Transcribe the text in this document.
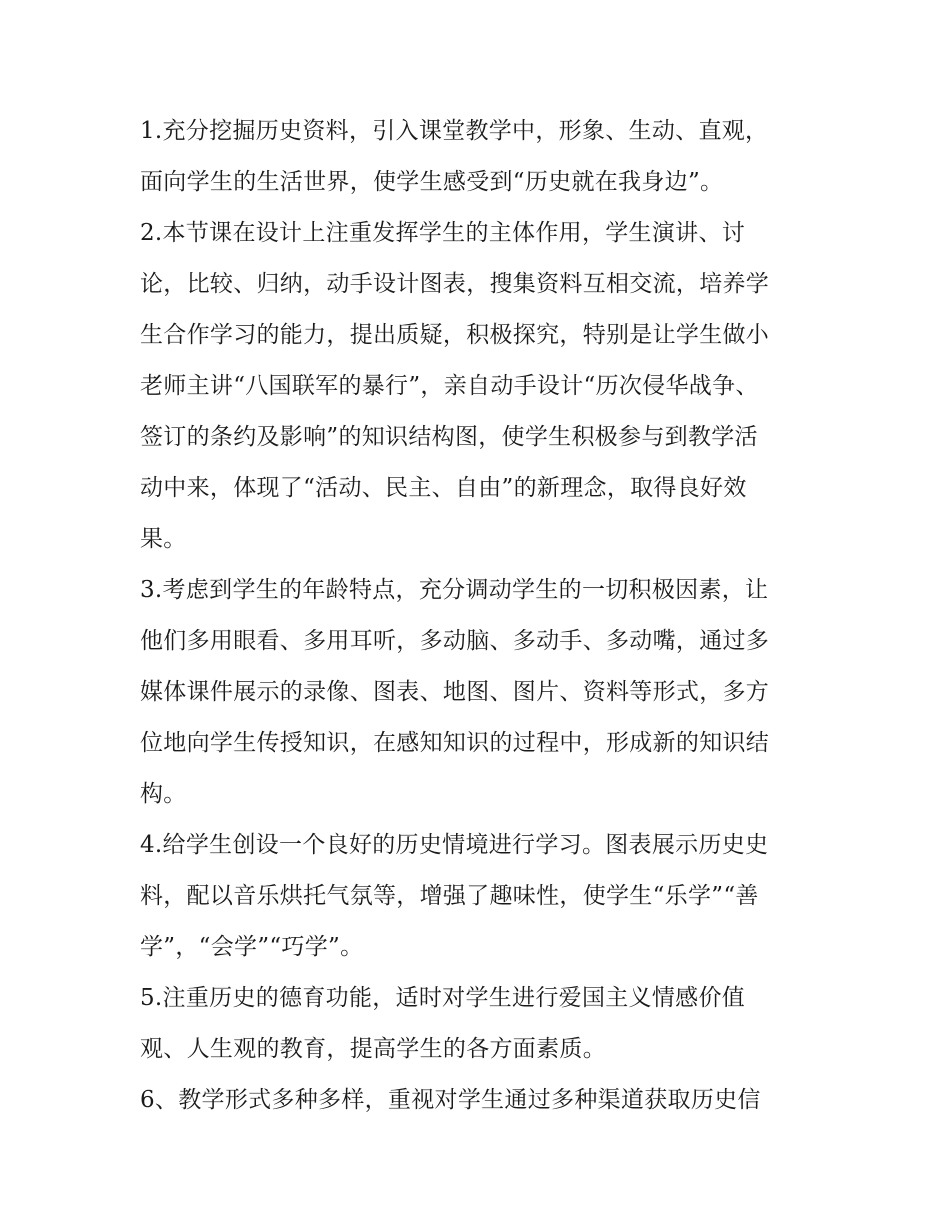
1.充分挖掘历史资料，引入课堂教学中，形象、生动、直观，
面向学生的生活世界，使学生感受到“历史就在我身边”。
2.本节课在设计上注重发挥学生的主体作用，学生演讲、讨
论，比较、归纳，动手设计图表，搜集资料互相交流，培养学
生合作学习的能力，提出质疑，积极探究，特别是让学生做小
老师主讲“八国联军的暴行”，亲自动手设计“历次侵华战争、
签订的条约及影响”的知识结构图，使学生积极参与到教学活
动中来，体现了“活动、民主、自由”的新理念，取得良好效
果。
3.考虑到学生的年龄特点，充分调动学生的一切积极因素，让
他们多用眼看、多用耳听，多动脑、多动手、多动嘴，通过多
媒体课件展示的录像、图表、地图、图片、资料等形式，多方
位地向学生传授知识，在感知知识的过程中，形成新的知识结
构。
4.给学生创设一个良好的历史情境进行学习。图表展示历史史
料，配以音乐烘托气氛等，增强了趣味性，使学生“乐学”“善
学”，“会学”“巧学”。
5.注重历史的德育功能，适时对学生进行爱国主义情感价值
观、人生观的教育，提高学生的各方面素质。
6、教学形式多种多样，重视对学生通过多种渠道获取历史信
